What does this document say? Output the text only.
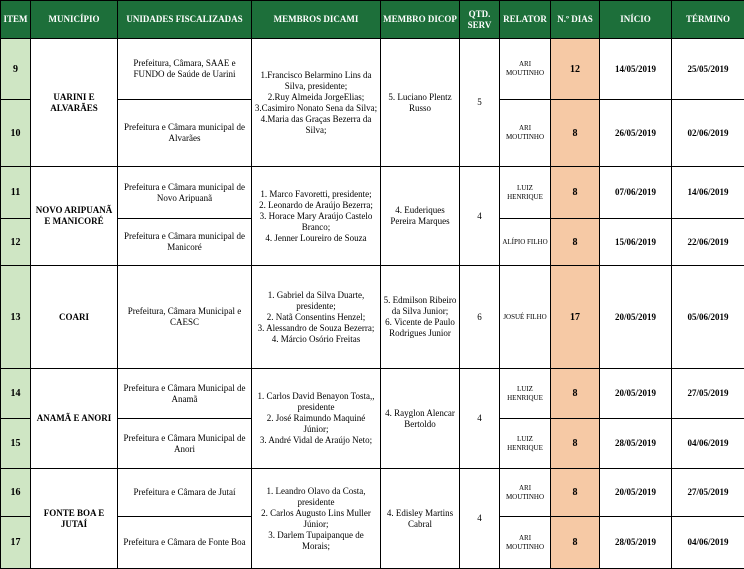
ITEM	MUNICÍPIO	UNIDADES FISCALIZADAS	MEMBROS DICAMI	MEMBRO DICOP	QTD. SERV	RELATOR	N.º DIAS	INÍCIO	TÉRMINO
9	UARINI E ALVARÃES	Prefeitura, Câmara, SAAE e FUNDO de Saúde de Uarini	1.Francisco Belarmino Lins da Silva, presidente;
2.Ruy Almeida JorgeElias;
3.Casimiro Nonato Sena da Silva;
4.Maria das Graças Bezerra da Silva;	5. Luciano Plentz Russo	5	ARI MOUTINHO	12	14/05/2019	25/05/2019
10		Prefeitura e Câmara municipal de Alvarães				ARI MOUTINHO	8	26/05/2019	02/06/2019
11	NOVO ARIPUANÃ E MANICORÉ	Prefeitura e Câmara municipal de Novo Aripuanã	1. Marco Favoretti, presidente;
2. Leonardo de Araújo Bezerra;
3. Horace Mary Araújo Castelo Branco;
4. Jenner Loureiro de Souza	4. Euderiques Pereira Marques	4	LUIZ HENRIQUE	8	07/06/2019	14/06/2019
12		Prefeitura e Câmara municipal de Manicoré				ALÍPIO FILHO	8	15/06/2019	22/06/2019
13	COARI	Prefeitura, Câmara Municipal e CAESC	1. Gabriel da Silva Duarte, presidente;
2. Natã Consentins Henzel;
3. Alessandro de Souza Bezerra;
4. Márcio Osório Freitas	5. Edmilson Ribeiro da Silva Junior;
6. Vicente de Paulo Rodrigues Junior	6	JOSUÉ FILHO	17	20/05/2019	05/06/2019
14	ANAMÃ E ANORI	Prefeitura e Câmara Municipal de Anamã	1. Carlos David Benayon Tosta,, presidente
2. José Raimundo Maquiné Júnior;
3. André Vidal de Araújo Neto;	4. Rayglon Alencar Bertoldo	4	LUIZ HENRIQUE	8	20/05/2019	27/05/2019
15		Prefeitura e Câmara Municipal de Anori				LUIZ HENRIQUE	8	28/05/2019	04/06/2019
16	FONTE BOA E JUTAÍ	Prefeitura e Câmara de Jutaí	1. Leandro Olavo da Costa, presidente
2. Carlos Augusto Lins Muller Júnior;
3. Darlem Tupaipanque de Morais;	4. Edisley Martins Cabral	4	ARI MOUTINHO	8	20/05/2019	27/05/2019
17		Prefeitura e Câmara de Fonte Boa				ARI MOUTINHO	8	28/05/2019	04/06/2019
